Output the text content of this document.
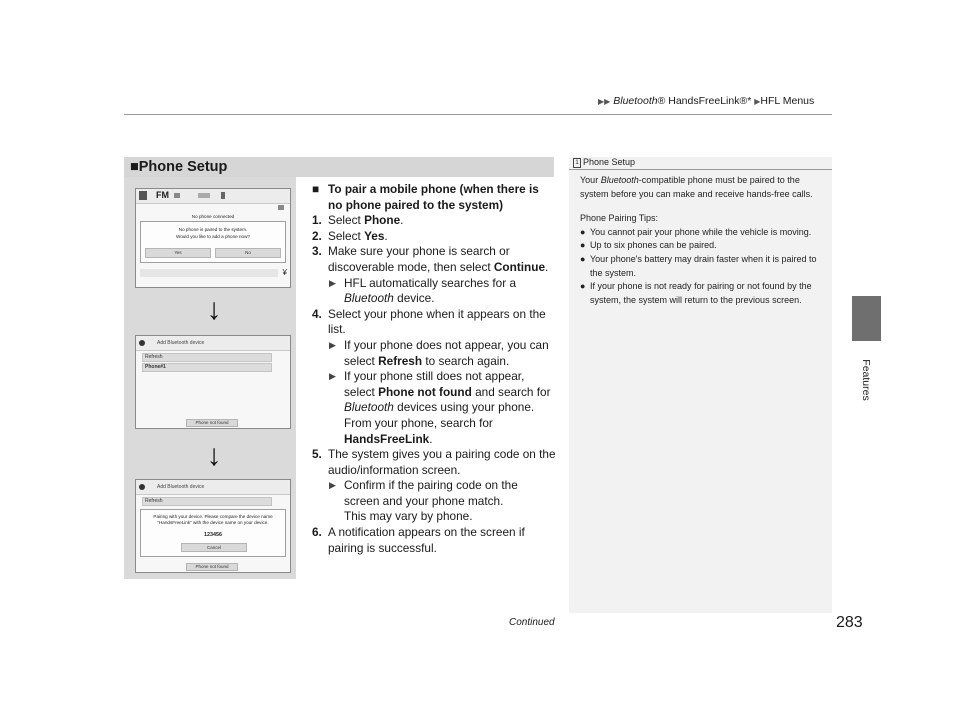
▶▶ Bluetooth® HandsFreeLink®* ▶HFL Menus
Features
■Phone Setup
FM
No phone connected
No phone is paired to the system.
Would you like to add a phone now?
Yes	No
¥
↓
Add Bluetooth device
Refresh
Phone#1
Phone not found
↓
Add Bluetooth device
Refresh
Pairing with your device. Please compare the device name
"HandsFreeLink" with the device name on your device.
123456
Cancel
Phone not found
■ To pair a mobile phone (when there is no phone paired to the system)
1. Select Phone.
2. Select Yes.
3. Make sure your phone is search or discoverable mode, then select Continue.
▶ HFL automatically searches for a Bluetooth device.
4. Select your phone when it appears on the list.
▶ If your phone does not appear, you can select Refresh to search again.
▶ If your phone still does not appear, select Phone not found and search for Bluetooth devices using your phone. From your phone, search for HandsFreeLink.
5. The system gives you a pairing code on the audio/information screen.
▶ Confirm if the pairing code on the screen and your phone match.
This may vary by phone.
6. A notification appears on the screen if pairing is successful.
1 Phone Setup

Your Bluetooth-compatible phone must be paired to the system before you can make and receive hands-free calls.

Phone Pairing Tips:
● You cannot pair your phone while the vehicle is moving.
● Up to six phones can be paired.
● Your phone's battery may drain faster when it is paired to the system.
● If your phone is not ready for pairing or not found by the system, the system will return to the previous screen.
Continued	283
